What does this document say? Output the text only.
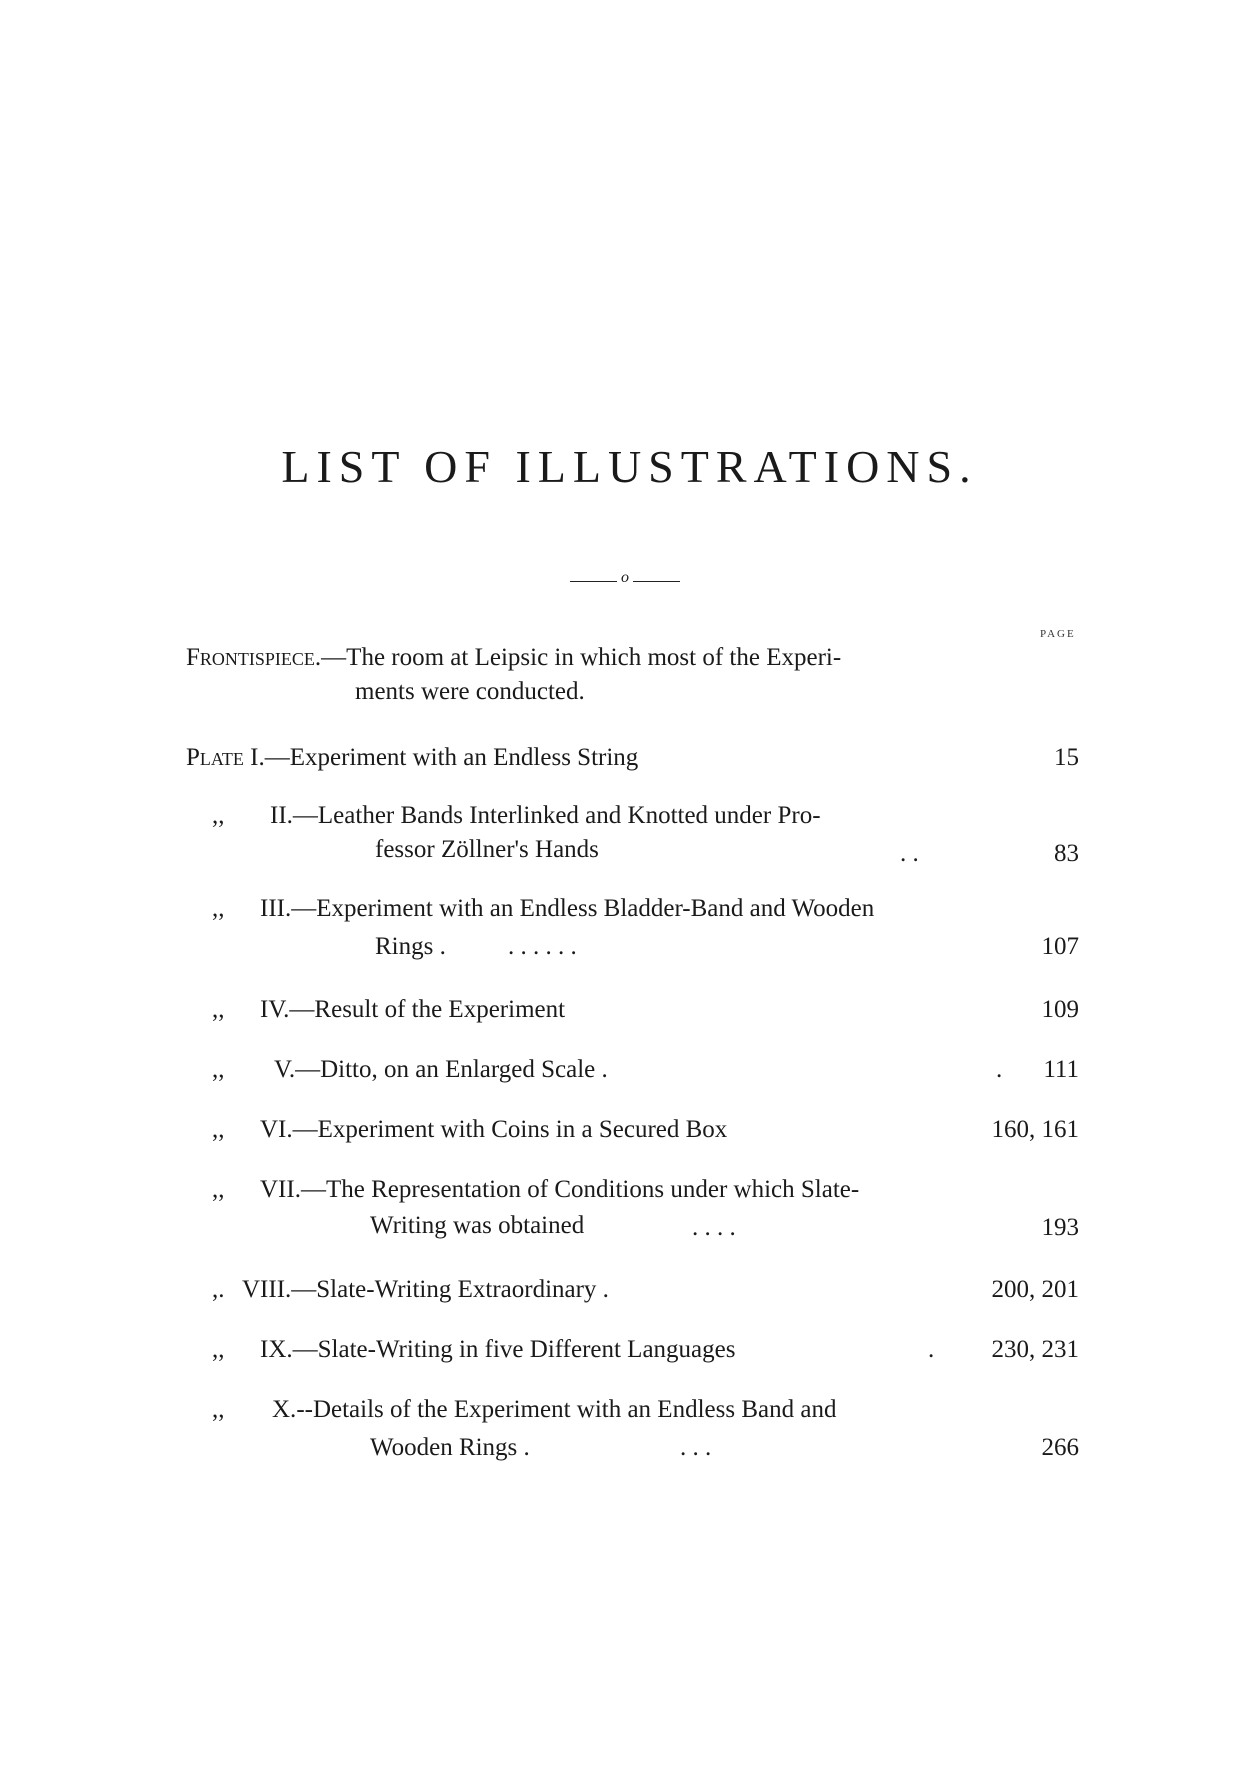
LIST OF ILLUSTRATIONS.
o
PAGE
Frontispiece.—The room at Leipsic in which most of the Experi-
ments were conducted.
Plate I.—Experiment with an Endless String	15
,, II.—Leather Bands Interlinked and Knotted under Pro-
fessor Zöllner's Hands	. .	83
,, III.—Experiment with an Endless Bladder-Band and Wooden
Rings . . . . . . .	107
,, IV.—Result of the Experiment	109
,, V.—Ditto, on an Enlarged Scale .	. 111
,, VI.—Experiment with Coins in a Secured Box	160, 161
,, VII.—The Representation of Conditions under which Slate-
Writing was obtained	. . . .	193
,. VIII.—Slate-Writing Extraordinary .	200, 201
,, IX.—Slate-Writing in five Different Languages	. 230, 231
,, X.--Details of the Experiment with an Endless Band and
Wooden Rings .	. . .	266
